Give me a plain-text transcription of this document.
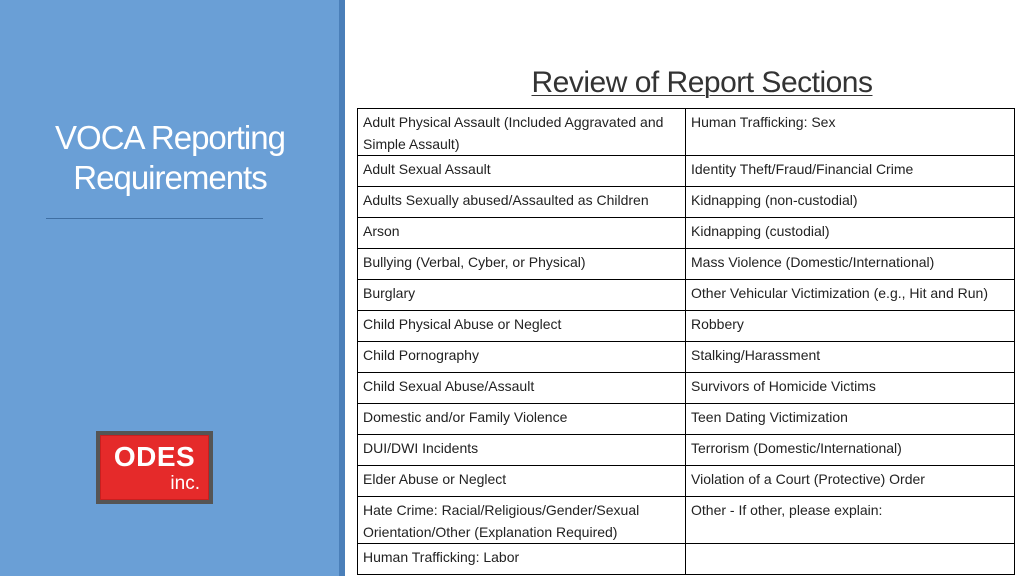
VOCA Reporting
Requirements
ODES
inc.
Review of Report Sections
Adult Physical Assault (Included Aggravated and Simple Assault)	Human Trafficking: Sex
Adult Sexual Assault	Identity Theft/Fraud/Financial Crime
Adults Sexually abused/Assaulted as Children	Kidnapping (non-custodial)
Arson	Kidnapping (custodial)
Bullying (Verbal, Cyber, or Physical)	Mass Violence (Domestic/International)
Burglary	Other Vehicular Victimization (e.g., Hit and Run)
Child Physical Abuse or Neglect	Robbery
Child Pornography	Stalking/Harassment
Child Sexual Abuse/Assault	Survivors of Homicide Victims
Domestic and/or Family Violence	Teen Dating Victimization
DUI/DWI Incidents	Terrorism (Domestic/International)
Elder Abuse or Neglect	Violation of a Court (Protective) Order
Hate Crime: Racial/Religious/Gender/Sexual Orientation/Other (Explanation Required)	Other - If other, please explain:
Human Trafficking: Labor	
